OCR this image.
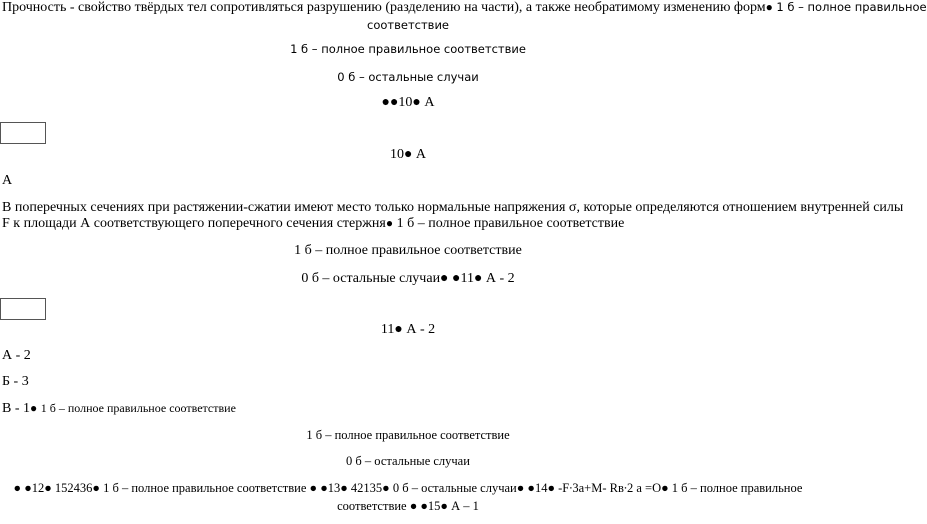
Прочность - свойство твёрдых тел сопротивляться разрушению (разделению на части), а также необратимому изменению форм● 1 б – полное правильное
соответствие
1 б – полное правильное соответствие
0 б – остальные случаи
●●10● А
10● А
А
В поперечных сечениях при растяжении-сжатии имеют место только нормальные напряжения σ, которые определяются отношением внутренней силы
F к площади А соответствующего поперечного сечения стержня● 1 б – полное правильное соответствие
1 б – полное правильное соответствие
0 б – остальные случаи● ●11● А - 2
11● А - 2
А - 2
Б - 3
В - 1● 1 б – полное правильное соответствие
1 б – полное правильное соответствие
0 б – остальные случаи
● ●12● 152436● 1 б – полное правильное соответствие ● ●13● 42135● 0 б – остальные случаи● ●14● -F∙3a+M- Rв∙2 a =О● 1 б – полное правильное
соответствие ● ●15● А – 1
